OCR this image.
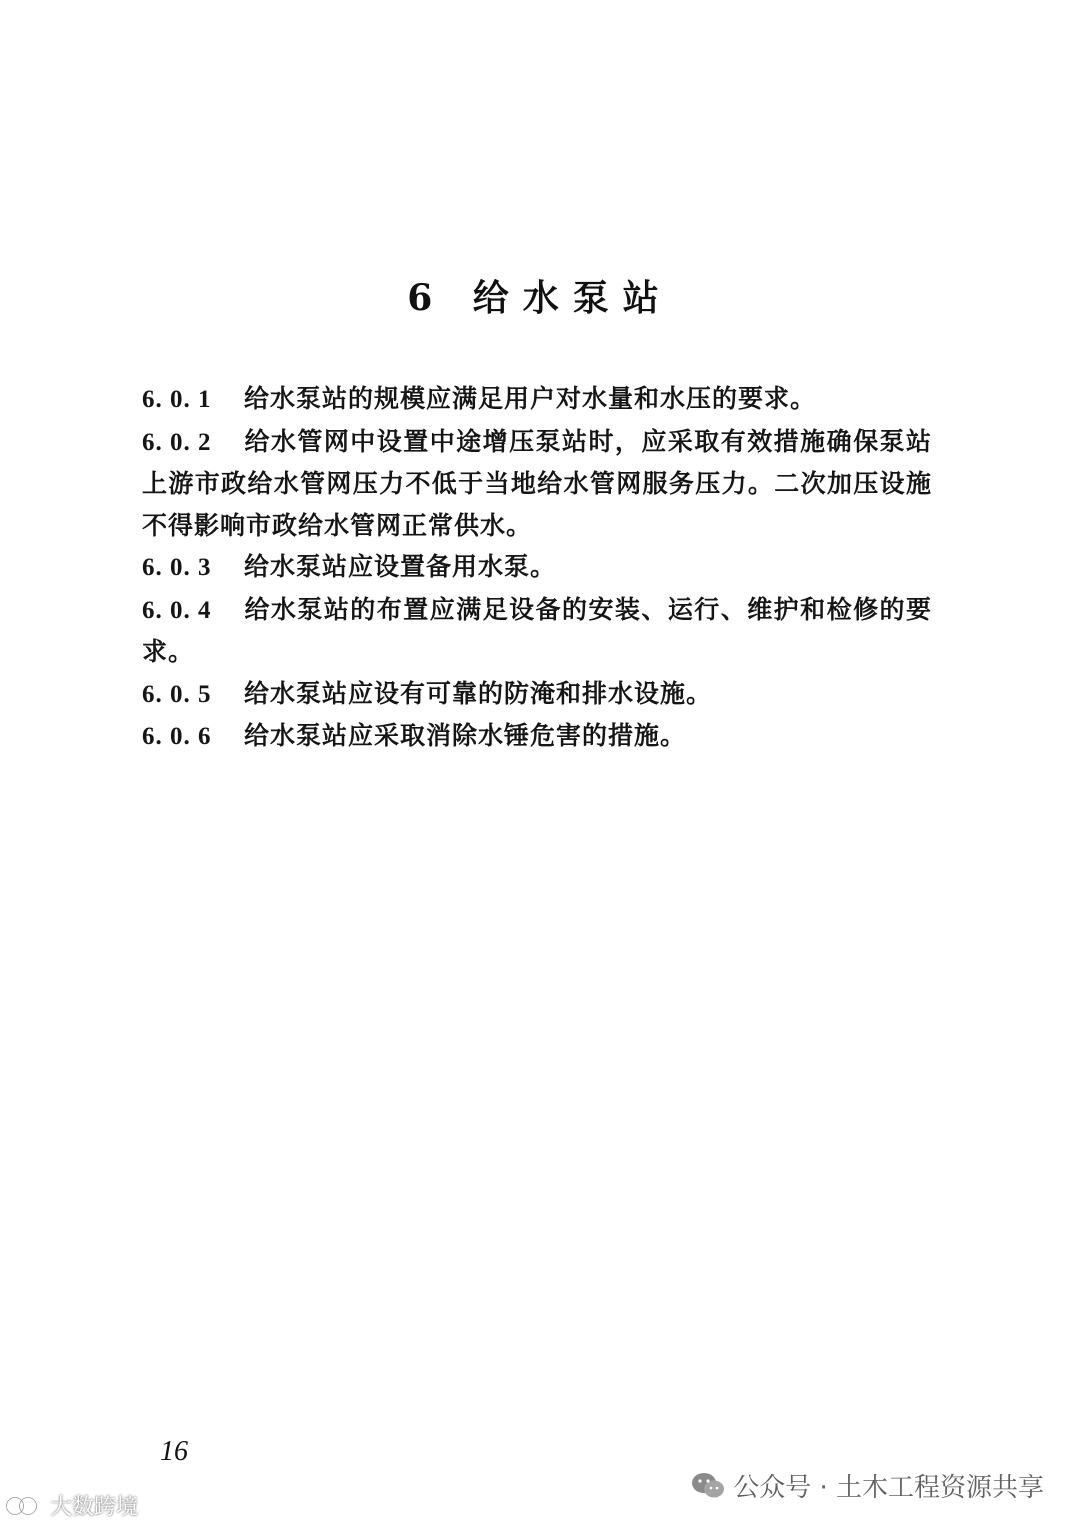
6 给水泵站
6. 0. 1 给水泵站的规模应满足用户对水量和水压的要求。
6. 0. 2 给水管网中设置中途增压泵站时，应采取有效措施确保泵站上游市政给水管网压力不低于当地给水管网服务压力。二次加压设施不得影响市政给水管网正常供水。
6. 0. 3 给水泵站应设置备用水泵。
6. 0. 4 给水泵站的布置应满足设备的安装、运行、维护和检修的要求。
6. 0. 5 给水泵站应设有可靠的防淹和排水设施。
6. 0. 6 给水泵站应采取消除水锤危害的措施。
16
公众号 · 土木工程资源共享
大数跨境
